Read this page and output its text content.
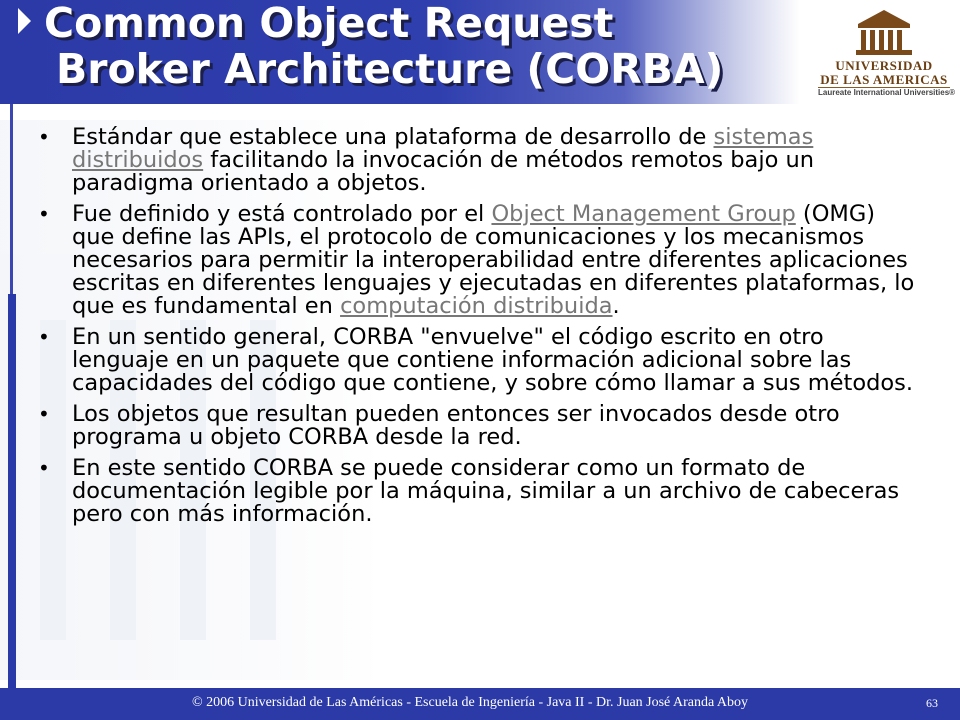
Common Object Request
Broker Architecture (CORBA)	UNIVERSIDAD
DE LAS AMERICAS
Laureate International Universities®
• Estándar que establece una plataforma de desarrollo de sistemas distribuidos facilitando la invocación de métodos remotos bajo un paradigma orientado a objetos.
• Fue definido y está controlado por el Object Management Group (OMG) que define las APIs, el protocolo de comunicaciones y los mecanismos necesarios para permitir la interoperabilidad entre diferentes aplicaciones escritas en diferentes lenguajes y ejecutadas en diferentes plataformas, lo que es fundamental en computación distribuida.
• En un sentido general, CORBA "envuelve" el código escrito en otro lenguaje en un paquete que contiene información adicional sobre las capacidades del código que contiene, y sobre cómo llamar a sus métodos.
• Los objetos que resultan pueden entonces ser invocados desde otro programa u objeto CORBA desde la red.
• En este sentido CORBA se puede considerar como un formato de documentación legible por la máquina, similar a un archivo de cabeceras pero con más información.
© 2006 Universidad de Las Américas - Escuela de Ingeniería - Java II - Dr. Juan José Aranda Aboy	63
